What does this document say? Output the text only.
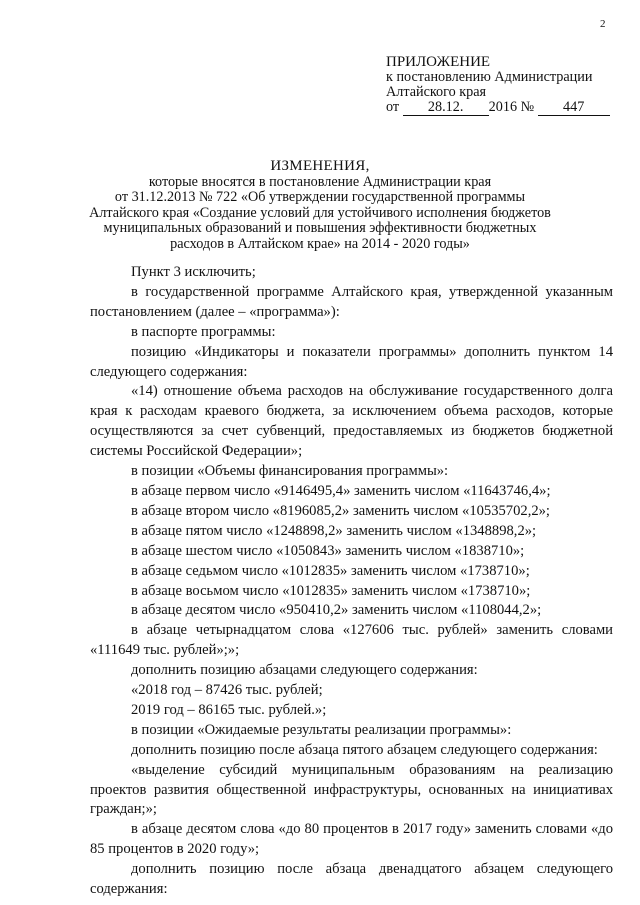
2
ПРИЛОЖЕНИЕ
к постановлению Администрации
Алтайского края
от 28.12. 2016 № 447
ИЗМЕНЕНИЯ,
которые вносятся в постановление Администрации края
от 31.12.2013 № 722 «Об утверждении государственной программы
Алтайского края «Создание условий для устойчивого исполнения бюджетов
муниципальных образований и повышения эффективности бюджетных
расходов в Алтайском крае» на 2014 - 2020 годы»

Пункт 3 исключить;

в государственной программе Алтайского края, утвержденной указанным постановлением (далее – «программа»):

в паспорте программы:

позицию «Индикаторы и показатели программы» дополнить пунктом 14 следующего содержания:

«14) отношение объема расходов на обслуживание государственного долга края к расходам краевого бюджета, за исключением объема расходов, которые осуществляются за счет субвенций, предоставляемых из бюджетов бюджетной системы Российской Федерации»;

в позиции «Объемы финансирования программы»:

в абзаце первом число «9146495,4» заменить числом «11643746,4»;

в абзаце втором число «8196085,2» заменить числом «10535702,2»;

в абзаце пятом число «1248898,2» заменить числом «1348898,2»;

в абзаце шестом число «1050843» заменить числом «1838710»;

в абзаце седьмом число «1012835» заменить числом «1738710»;

в абзаце восьмом число «1012835» заменить числом «1738710»;

в абзаце десятом число «950410,2» заменить числом «1108044,2»;

в абзаце четырнадцатом слова «127606 тыс. рублей» заменить словами «111649 тыс. рублей»;»;

дополнить позицию абзацами следующего содержания:

«2018 год – 87426 тыс. рублей;

2019 год – 86165 тыс. рублей.»;

в позиции «Ожидаемые результаты реализации программы»:

дополнить позицию после абзаца пятого абзацем следующего содержания:

«выделение субсидий муниципальным образованиям на реализацию проектов развития общественной инфраструктуры, основанных на инициативах граждан;»;

в абзаце десятом слова «до 80 процентов в 2017 году» заменить словами «до 85 процентов в 2020 году»;

дополнить позицию после абзаца двенадцатого абзацем следующего содержания:
